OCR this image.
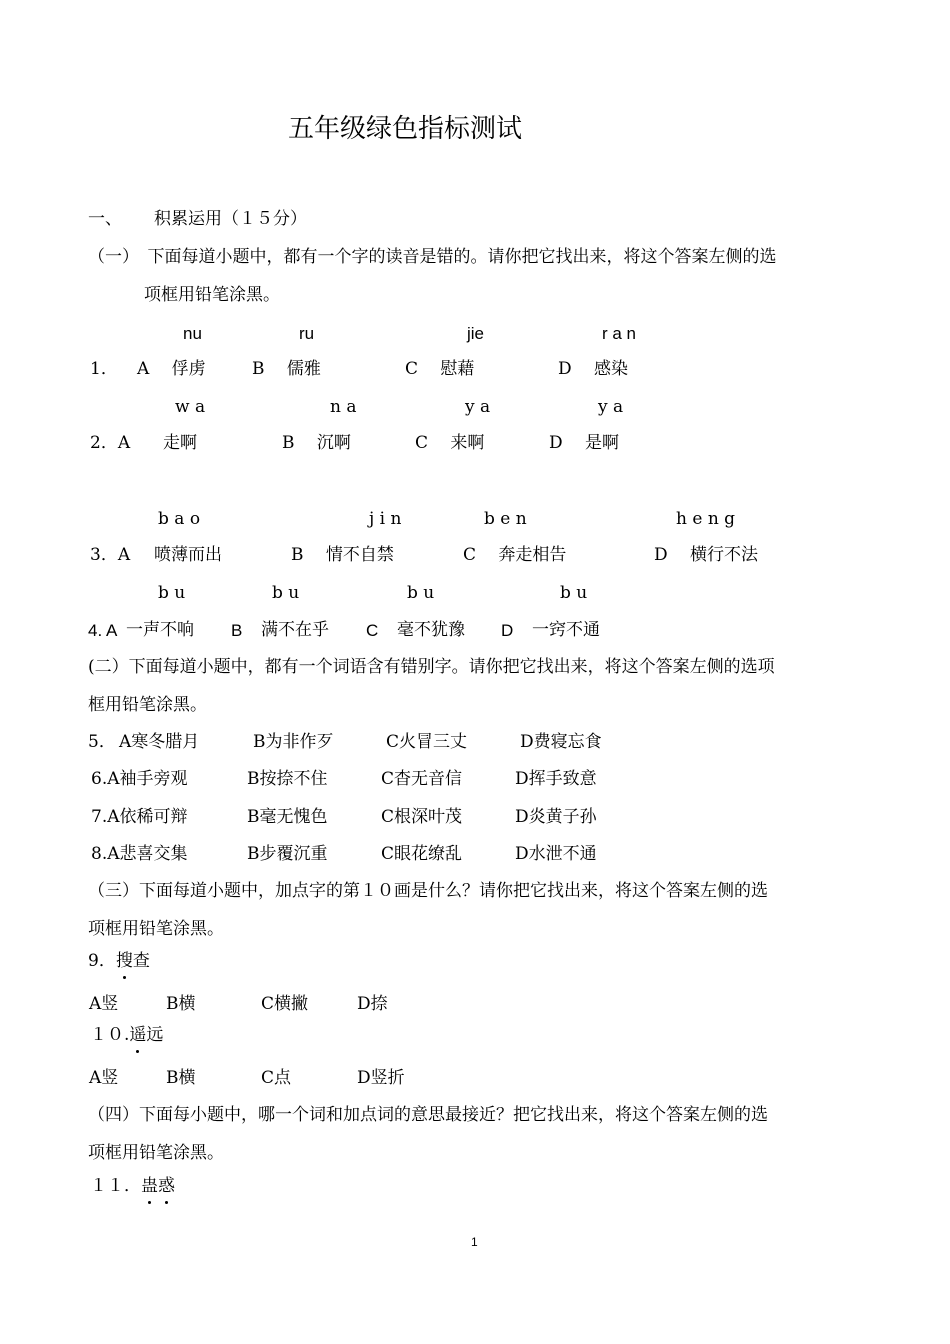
五年级绿色指标测试
一、 积累运用（１５分）
（一）　下面每道小题中，都有一个字的读音是错的。请你把它找出来，将这个答案左侧的选
项框用铅笔涂黑。
nu	ru	jie	r a n
1． A　 俘虏	B　 儒雅	C　 慰藉	D　 感染
w a	n a	y a	y a
2．A 走啊	B　 沉啊	C　 来啊	D　 是啊
b a o	j i n	b e n	h e n g
3．A 喷薄而出	B　 情不自禁	C　 奔走相告	D　 横行不法
b u	b u	b u	b u
4. A 一声不响 B 满不在乎 C 毫不犹豫 D 一窍不通
(二）下面每道小题中，都有一个词语含有错别字。请你把它找出来，将这个答案左侧的选项
框用铅笔涂黑。
5． A寒冬腊月	B为非作歹	C火冒三丈	D费寝忘食
6.A袖手旁观	B按捺不住	C杳无音信	D挥手致意
7.A依稀可辩	B毫无愧色	C根深叶茂	D炎黄子孙
8.A悲喜交集	B步覆沉重	C眼花缭乱	D水泄不通
（三）下面每道小题中，加点字的第１０画是什么？请你把它找出来，将这个答案左侧的选
项框用铅笔涂黑。
9．搜查
A竖	B横	C横撇	D捺
１０.遥远
A竖	B横	C点	D竖折
（四）下面每小题中，哪一个词和加点词的意思最接近？把它找出来，将这个答案左侧的选
项框用铅笔涂黑。
１１．蛊惑
1
